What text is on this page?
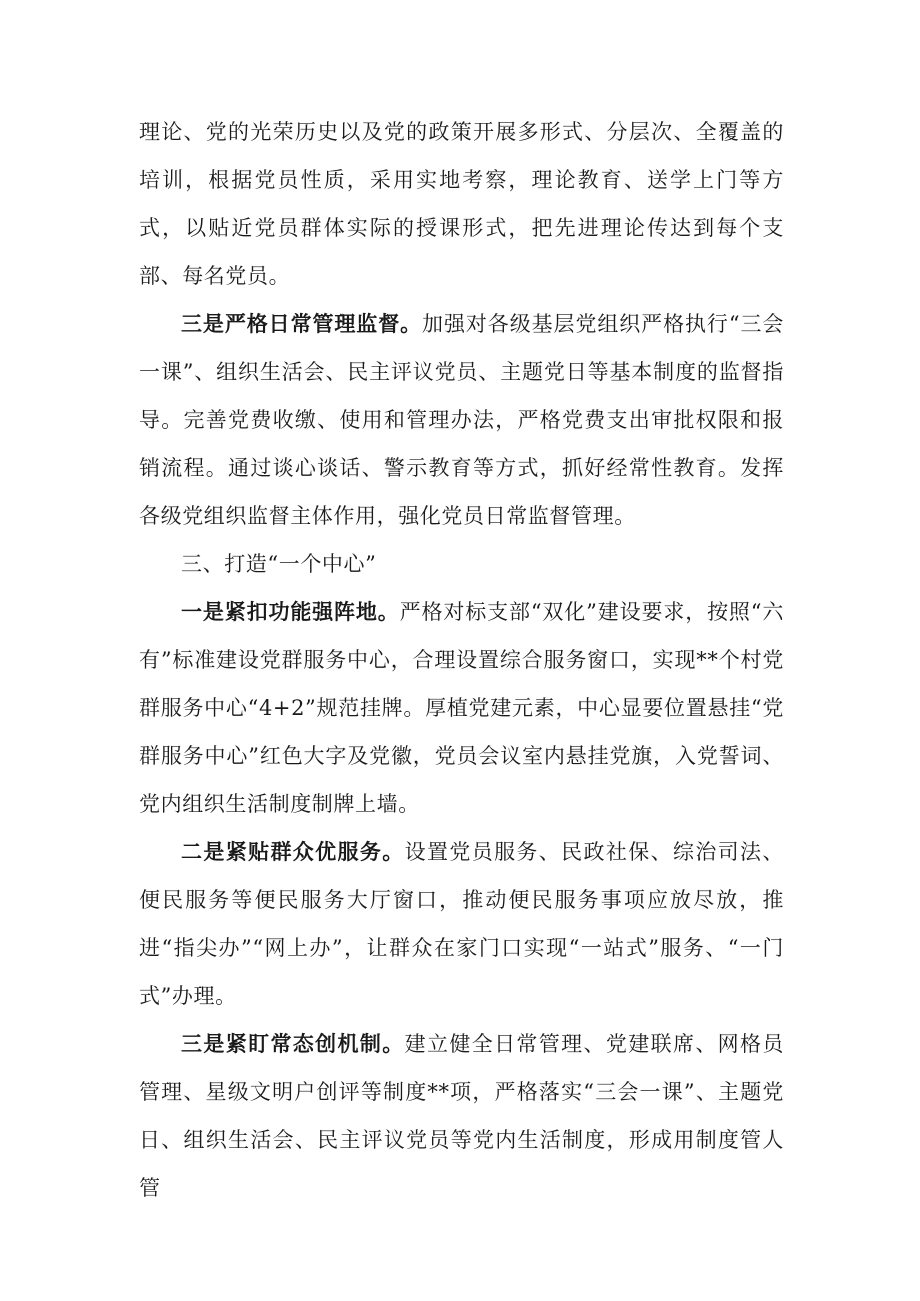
理论、党的光荣历史以及党的政策开展多形式、分层次、全覆盖的培训，根据党员性质，采用实地考察，理论教育、送学上门等方式，以贴近党员群体实际的授课形式，把先进理论传达到每个支部、每名党员。

三是严格日常管理监督。加强对各级基层党组织严格执行“三会一课”、组织生活会、民主评议党员、主题党日等基本制度的监督指导。完善党费收缴、使用和管理办法，严格党费支出审批权限和报销流程。通过谈心谈话、警示教育等方式，抓好经常性教育。发挥各级党组织监督主体作用，强化党员日常监督管理。

三、打造“一个中心”

一是紧扣功能强阵地。严格对标支部“双化”建设要求，按照“六有”标准建设党群服务中心，合理设置综合服务窗口，实现**个村党群服务中心“4+2”规范挂牌。厚植党建元素，中心显要位置悬挂“党群服务中心”红色大字及党徽，党员会议室内悬挂党旗，入党誓词、党内组织生活制度制牌上墙。

二是紧贴群众优服务。设置党员服务、民政社保、综治司法、便民服务等便民服务大厅窗口，推动便民服务事项应放尽放，推进“指尖办”“网上办”，让群众在家门口实现“一站式”服务、“一门式”办理。

三是紧盯常态创机制。建立健全日常管理、党建联席、网格员管理、星级文明户创评等制度**项，严格落实“三会一课”、主题党日、组织生活会、民主评议党员等党内生活制度，形成用制度管人管
